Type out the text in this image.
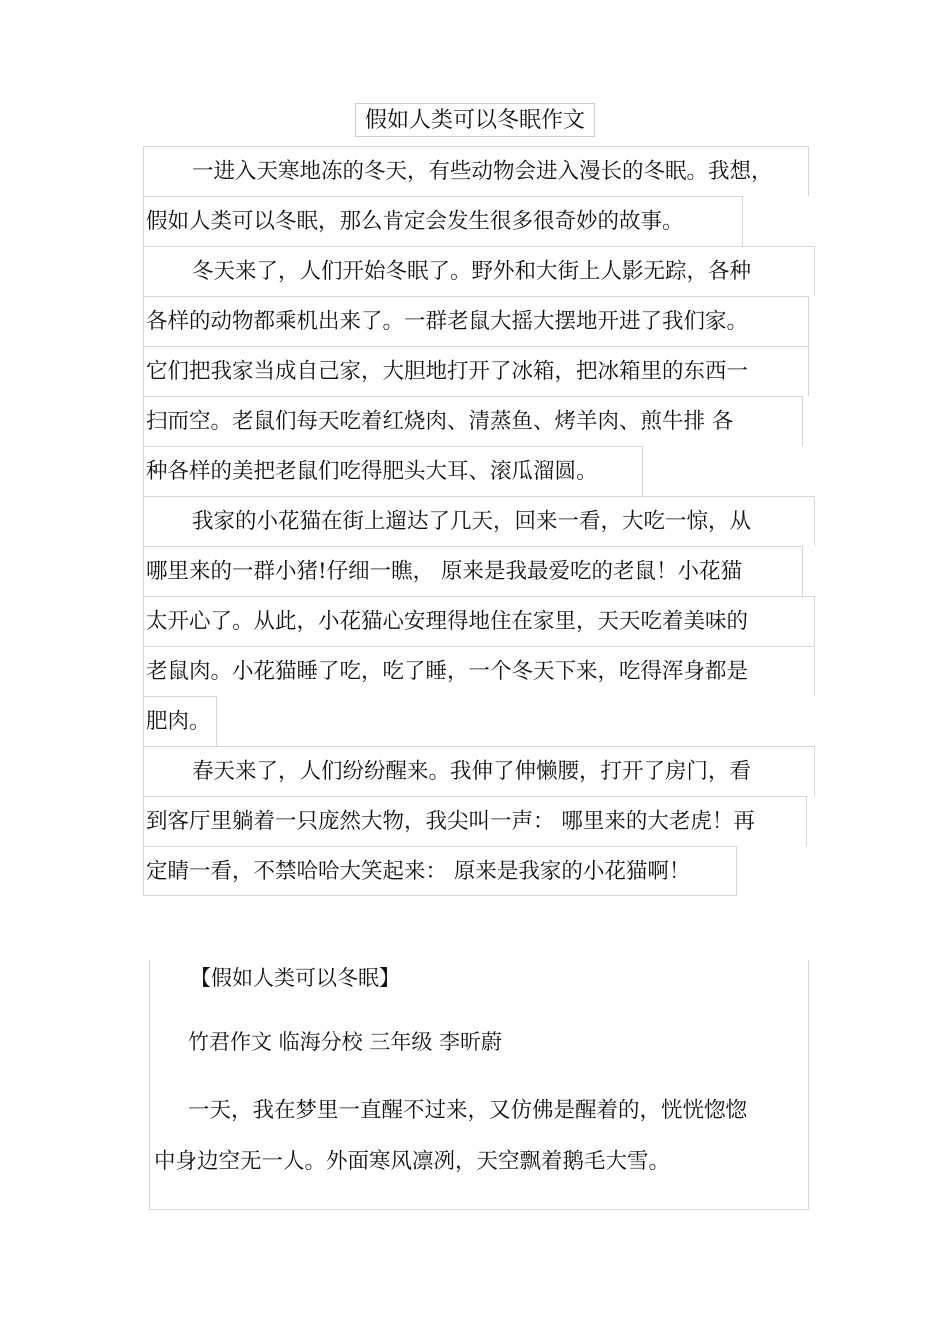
假如人类可以冬眠作文
一进入天寒地冻的冬天，有些动物会进入漫长的冬眠。我想，
假如人类可以冬眠，那么肯定会发生很多很奇妙的故事。
冬天来了，人们开始冬眠了。野外和大街上人影无踪，各种
各样的动物都乘机出来了。一群老鼠大摇大摆地开进了我们家。
它们把我家当成自己家，大胆地打开了冰箱，把冰箱里的东西一
扫而空。老鼠们每天吃着红烧肉、清蒸鱼、烤羊肉、煎牛排 各
种各样的美把老鼠们吃得肥头大耳、滚瓜溜圆。
我家的小花猫在街上遛达了几天，回来一看，大吃一惊，从
哪里来的一群小猪!仔细一瞧， 原来是我最爱吃的老鼠！小花猫
太开心了。从此，小花猫心安理得地住在家里，天天吃着美味的
老鼠肉。小花猫睡了吃，吃了睡，一个冬天下来，吃得浑身都是
肥肉。
春天来了，人们纷纷醒来。我伸了伸懒腰，打开了房门，看
到客厅里躺着一只庞然大物，我尖叫一声： 哪里来的大老虎！再
定睛一看，不禁哈哈大笑起来： 原来是我家的小花猫啊！
【假如人类可以冬眠】
竹君作文 临海分校 三年级 李昕蔚
一天，我在梦里一直醒不过来，又仿佛是醒着的，恍恍惚惚
中身边空无一人。外面寒风凛冽，天空飘着鹅毛大雪。
